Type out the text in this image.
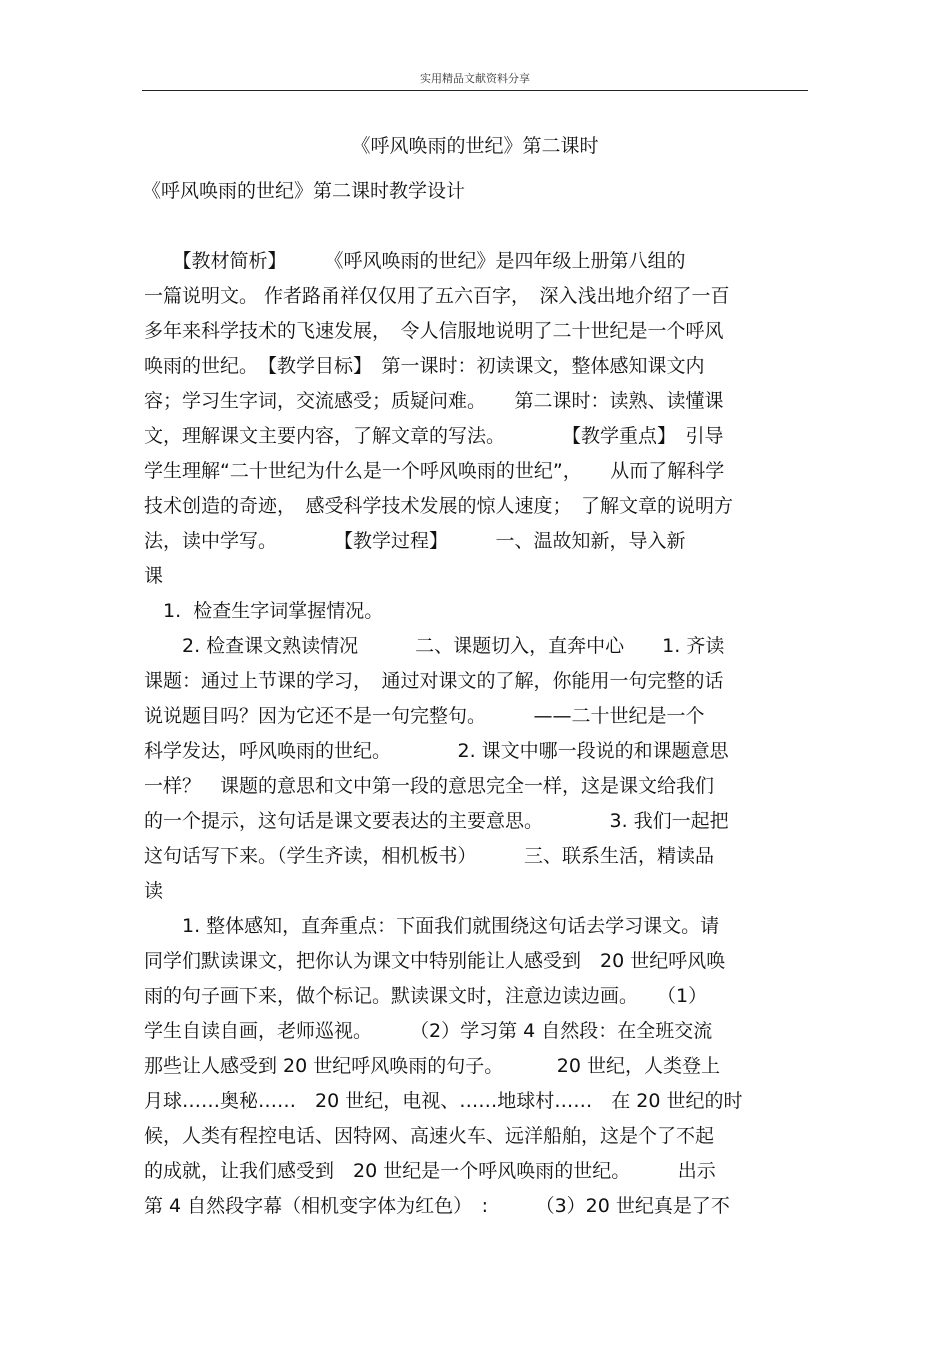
实用精品文献资料分享
《呼风唤雨的世纪》第二课时
《呼风唤雨的世纪》第二课时教学设计
　　【教材简析】　　　《呼风唤雨的世纪》是四年级上册第八组的
一篇说明文。 作者路甬祥仅仅用了五六百字，　深入浅出地介绍了一百
多年来科学技术的飞速发展，　令人信服地说明了二十世纪是一个呼风
唤雨的世纪。　【教学目标】　第一课时：初读课文，整体感知课文内
容；学习生字词，交流感受；质疑问难。　　第二课时：读熟、读懂课
文，理解课文主要内容，了解文章的写法。　　　　【教学重点】　引导
学生理解“二十世纪为什么是一个呼风唤雨的世纪”，　　从而了解科学
技术创造的奇迹，　感受科学技术发展的惊人速度；　了解文章的说明方
法，读中学写。　　　　【教学过程】　　　一、温故知新，导入新
课
　1.  检查生字词掌握情况。
　　2. 检查课文熟读情况　　　二、课题切入，直奔中心　　1. 齐读
课题：通过上节课的学习，　通过对课文的了解，你能用一句完整的话
说说题目吗？因为它还不是一句完整句。　　　——二十世纪是一个
科学发达，呼风唤雨的世纪。　　　　2. 课文中哪一段说的和课题意思
一样？　课题的意思和文中第一段的意思完全一样，这是课文给我们
的一个提示，这句话是课文要表达的主要意思。　　　　3. 我们一起把
这句话写下来。（学生齐读，相机板书）　　　三、联系生活，精读品
读
　　1. 整体感知，直奔重点：下面我们就围绕这句话去学习课文。请
同学们默读课文，把你认为课文中特别能让人感受到　20 世纪呼风唤
雨的句子画下来，做个标记。默读课文时，注意边读边画。　　（1）
学生自读自画，老师巡视。　　　（2）学习第 4 自然段：在全班交流
那些让人感受到 20 世纪呼风唤雨的句子。　　　 20 世纪，人类登上
月球……奥秘……　20 世纪，电视、……地球村……　在 20 世纪的时
候，人类有程控电话、因特网、高速火车、远洋船舶，这是个了不起
的成就，让我们感受到　20 世纪是一个呼风唤雨的世纪。　　　出示
第 4 自然段字幕（相机变字体为红色）　:　　　（3）20 世纪真是了不
